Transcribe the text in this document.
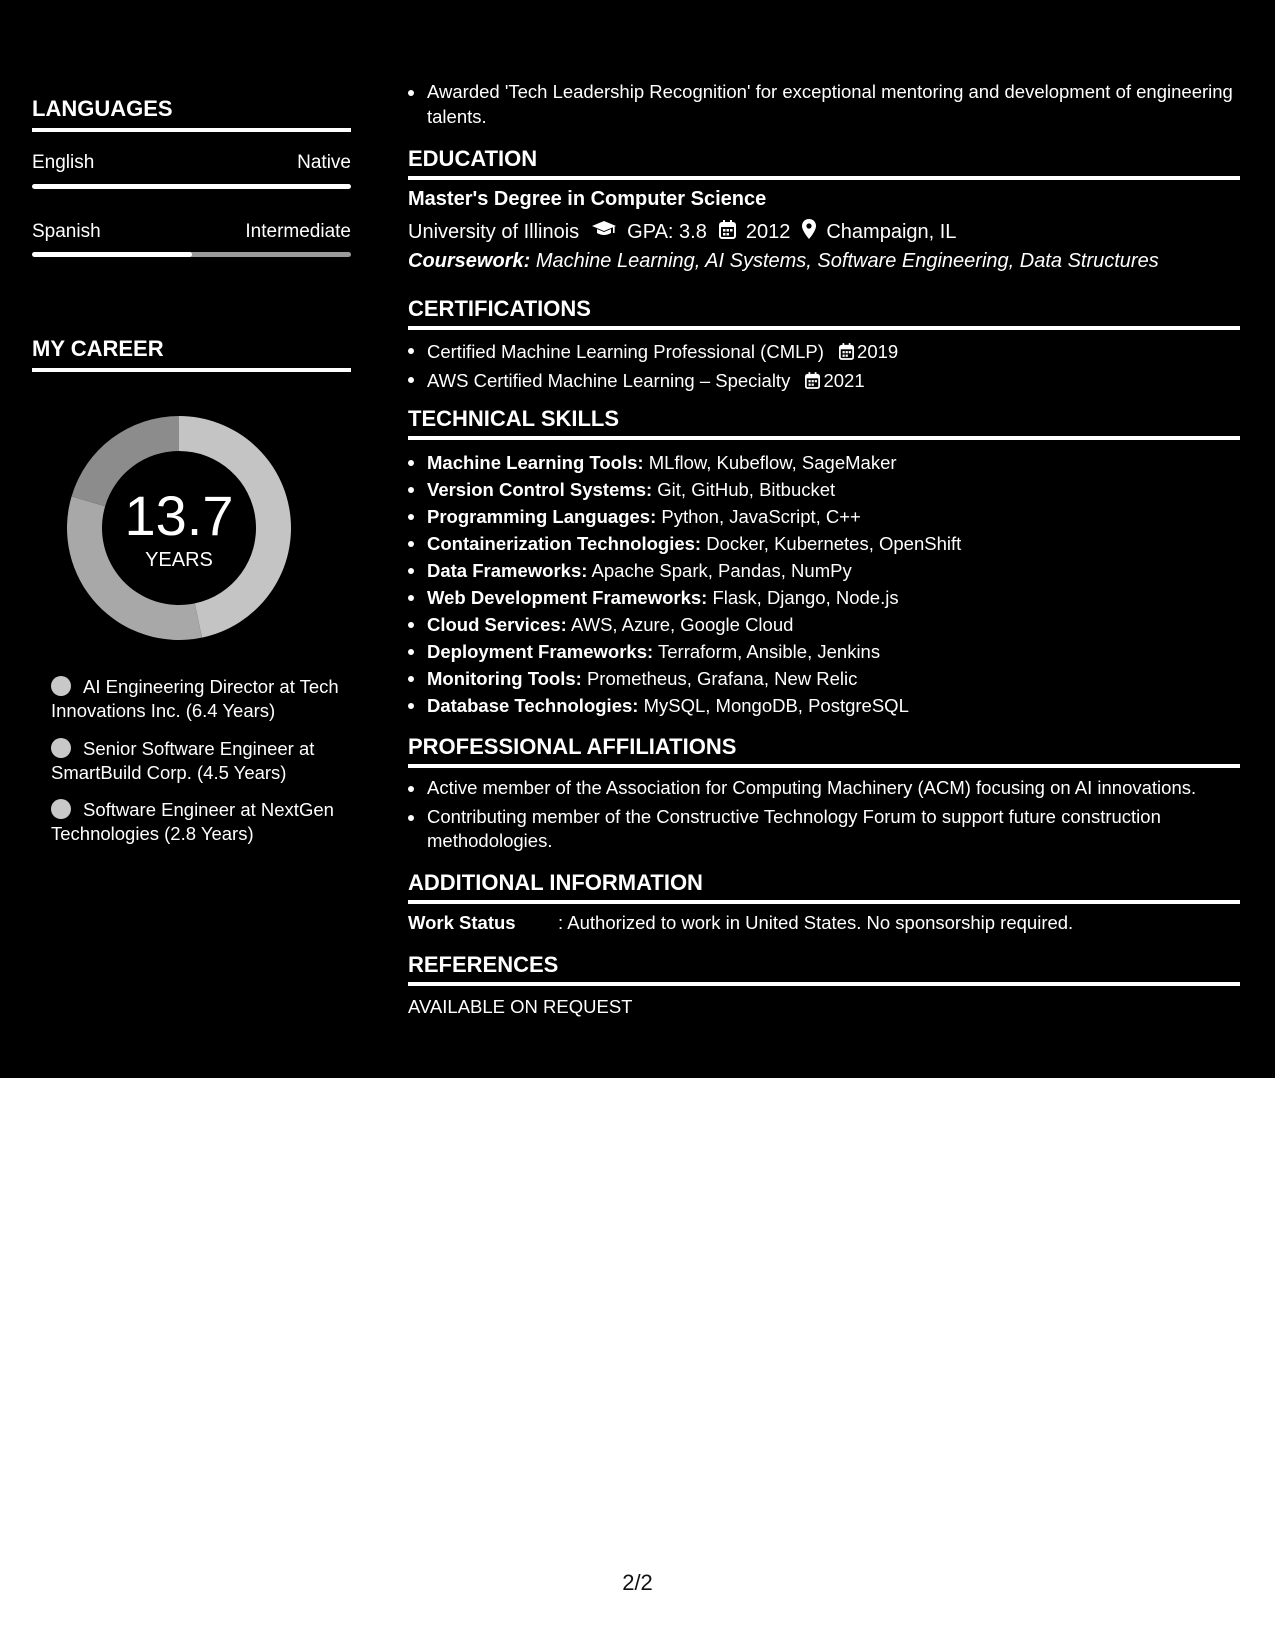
LANGUAGES
English	Native
Spanish	Intermediate
MY CAREER
13.7
YEARS
AI Engineering Director at Tech Innovations Inc. (6.4 Years)
Senior Software Engineer at SmartBuild Corp. (4.5 Years)
Software Engineer at NextGen Technologies (2.8 Years)
Awarded 'Tech Leadership Recognition' for exceptional mentoring and development of engineering talents.
EDUCATION
Master's Degree in Computer Science
University of Illinois GPA: 3.8 2012 Champaign, IL
Coursework: Machine Learning, AI Systems, Software Engineering, Data Structures
CERTIFICATIONS
Certified Machine Learning Professional (CMLP) 2019
AWS Certified Machine Learning – Specialty 2021
TECHNICAL SKILLS
Machine Learning Tools: MLflow, Kubeflow, SageMaker
Version Control Systems: Git, GitHub, Bitbucket
Programming Languages: Python, JavaScript, C++
Containerization Technologies: Docker, Kubernetes, OpenShift
Data Frameworks: Apache Spark, Pandas, NumPy
Web Development Frameworks: Flask, Django, Node.js
Cloud Services: AWS, Azure, Google Cloud
Deployment Frameworks: Terraform, Ansible, Jenkins
Monitoring Tools: Prometheus, Grafana, New Relic
Database Technologies: MySQL, MongoDB, PostgreSQL
PROFESSIONAL AFFILIATIONS
Active member of the Association for Computing Machinery (ACM) focusing on AI innovations.
Contributing member of the Constructive Technology Forum to support future construction methodologies.
ADDITIONAL INFORMATION
Work Status	: Authorized to work in United States. No sponsorship required.
REFERENCES
AVAILABLE ON REQUEST
2/2
